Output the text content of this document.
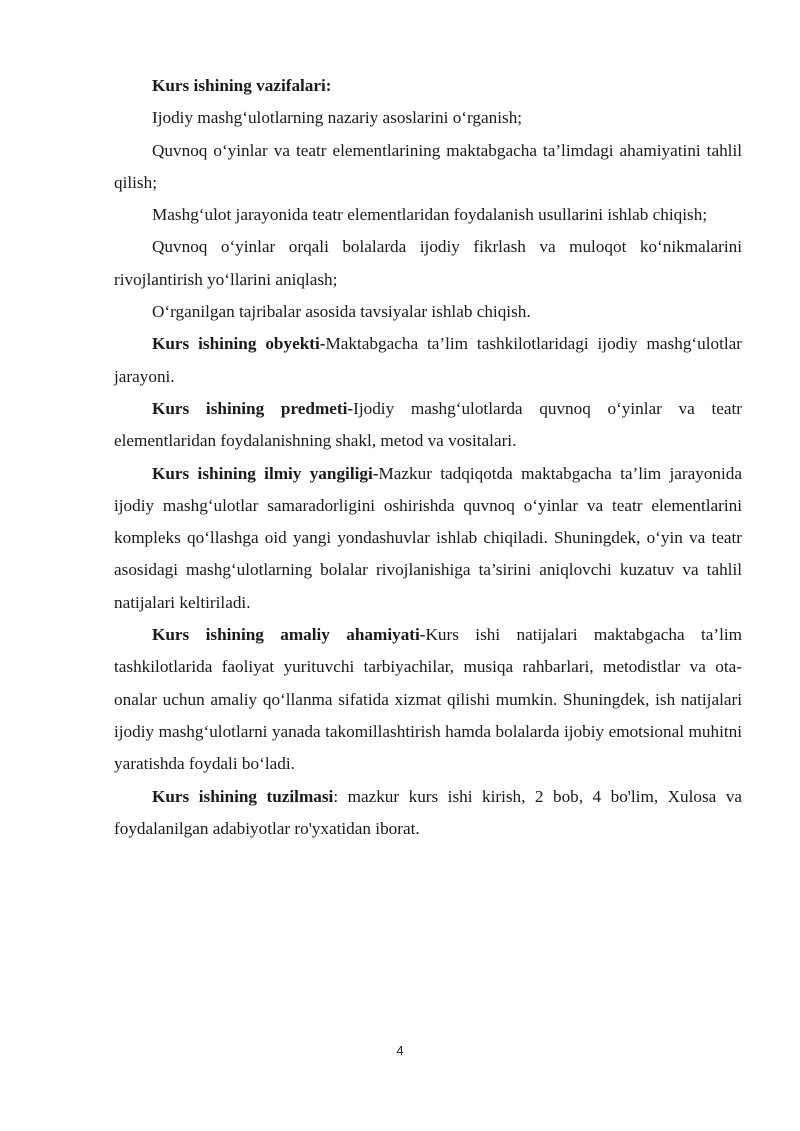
Kurs ishining vazifalari:

Ijodiy mashg‘ulotlarning nazariy asoslarini o‘rganish;

Quvnoq o‘yinlar va teatr elementlarining maktabgacha ta’limdagi ahamiyatini tahlil qilish;

Mashg‘ulot jarayonida teatr elementlaridan foydalanish usullarini ishlab chiqish;

Quvnoq o‘yinlar orqali bolalarda ijodiy fikrlash va muloqot ko‘nikmalarini rivojlantirish yo‘llarini aniqlash;

O‘rganilgan tajribalar asosida tavsiyalar ishlab chiqish.

Kurs ishining obyekti-Maktabgacha ta’lim tashkilotlaridagi ijodiy mashg‘ulotlar jarayoni.

Kurs ishining predmeti-Ijodiy mashg‘ulotlarda quvnoq o‘yinlar va teatr elementlaridan foydalanishning shakl, metod va vositalari.

Kurs ishining ilmiy yangiligi-Mazkur tadqiqotda maktabgacha ta’lim jarayonida ijodiy mashg‘ulotlar samaradorligini oshirishda quvnoq o‘yinlar va teatr elementlarini kompleks qo‘llashga oid yangi yondashuvlar ishlab chiqiladi. Shuningdek, o‘yin va teatr asosidagi mashg‘ulotlarning bolalar rivojlanishiga ta’sirini aniqlovchi kuzatuv va tahlil natijalari keltiriladi.

Kurs ishining amaliy ahamiyati-Kurs ishi natijalari maktabgacha ta’lim tashkilotlarida faoliyat yurituvchi tarbiyachilar, musiqa rahbarlari, metodistlar va ota-onalar uchun amaliy qo‘llanma sifatida xizmat qilishi mumkin. Shuningdek, ish natijalari ijodiy mashg‘ulotlarni yanada takomillashtirish hamda bolalarda ijobiy emotsional muhitni yaratishda foydali bo‘ladi.

Kurs ishining tuzilmasi: mazkur kurs ishi kirish, 2 bob, 4 bo'lim, Xulosa va foydalanilgan adabiyotlar ro'yxatidan iborat.

4
